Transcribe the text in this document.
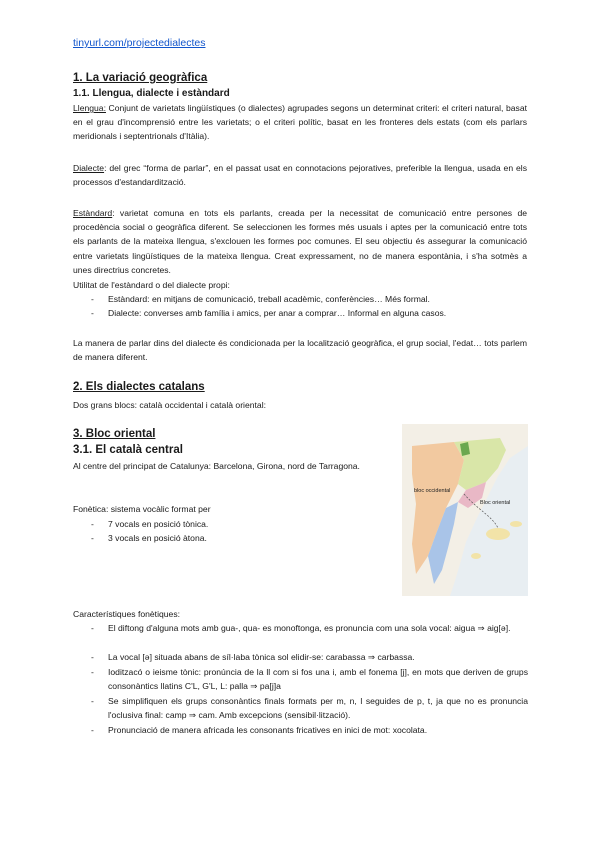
tinyurl.com/projectedialectes
1. La variació geogràfica
1.1. Llengua, dialecte i estàndard
Llengua: Conjunt de varietats lingüístiques (o dialectes) agrupades segons un determinat criteri: el criteri natural, basat en el grau d'incomprensió entre les varietats; o el criteri polític, basat en les fronteres dels estats (com els parlars meridionals i septentrionals d'Itàlia).
Dialecte: del grec “forma de parlar”, en el passat usat en connotacions pejoratives, preferible la llengua, usada en els processos d'estandardització.
Estàndard: varietat comuna en tots els parlants, creada per la necessitat de comunicació entre persones de procedència social o geogràfica diferent. Se seleccionen les formes més usuals i aptes per la comunicació entre tots els parlants de la mateixa llengua, s'exclouen les formes poc comunes. El seu objectiu és assegurar la comunicació entre varietats lingüístiques de la mateixa llengua. Creat expressament, no de manera espontània, i s'ha sotmès a unes directrius concretes.
Utilitat de l'estàndard o del dialecte propi:
- Estàndard: en mitjans de comunicació, treball acadèmic, conferències… Més formal.
- Dialecte: converses amb família i amics, per anar a comprar… Informal en alguna casos.
La manera de parlar dins del dialecte és condicionada per la localització geogràfica, el grup social, l'edat… tots parlem de manera diferent.
2. Els dialectes catalans
Dos grans blocs: català occidental i català oriental:
3. Bloc oriental
3.1. El català central
Al centre del principat de Catalunya: Barcelona, Girona, nord de Tarragona.
Fonètica: sistema vocàlic format per
- 7 vocals en posició tònica.
- 3 vocals en posició àtona.
bloc occidental
Bloc oriental
Característiques fonètiques:
- El diftong d'alguna mots amb gua-, qua- es monoftonga, es pronuncia com una sola vocal: aigua ⇒ aig[ə].
- La vocal [ə] situada abans de síl·laba tònica sol elidir-se: carabassa ⇒ carbassa.
- Ioditzacó o ieisme tònic: pronúncia de la ll com si fos una i, amb el fonema [j], en mots que deriven de grups consonàntics llatins C'L, G'L, L: palla ⇒ pa[j]a
- Se simplifiquen els grups consonàntics finals formats per m, n, l seguides de p, t, ja que no es pronuncia l'oclusiva final: camp ⇒ cam. Amb excepcions (sensibil·lització).
- Pronunciació de manera africada les consonants fricatives en inici de mot: xocolata.
